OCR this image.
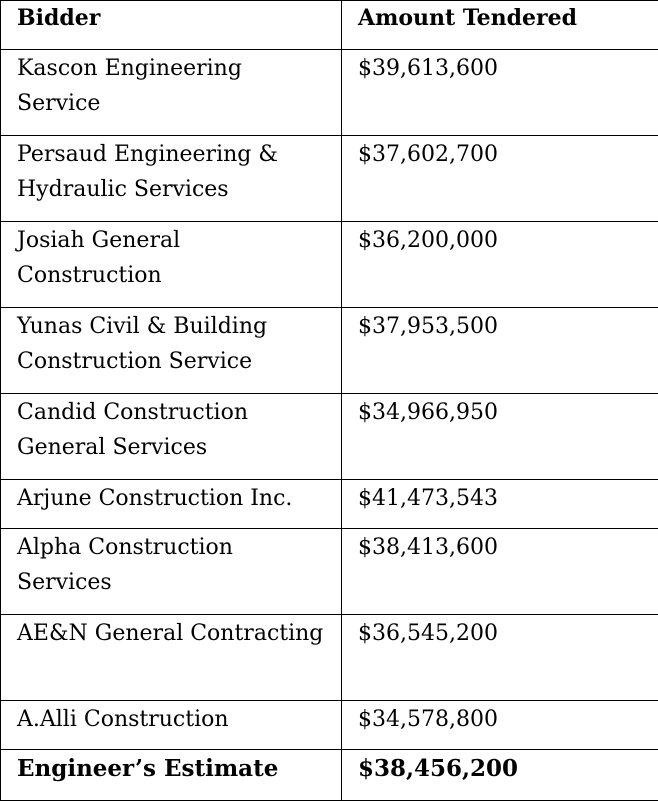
Bidder	Amount Tendered
Kascon Engineering Service	$39,613,600
Persaud Engineering & Hydraulic Services	$37,602,700
Josiah General Construction	$36,200,000
Yunas Civil & Building Construction Service	$37,953,500
Candid Construction General Services	$34,966,950
Arjune Construction Inc.	$41,473,543
Alpha Construction Services	$38,413,600
AE&N General Contracting	$36,545,200
A.Alli Construction	$34,578,800
Engineer’s Estimate	$38,456,200
